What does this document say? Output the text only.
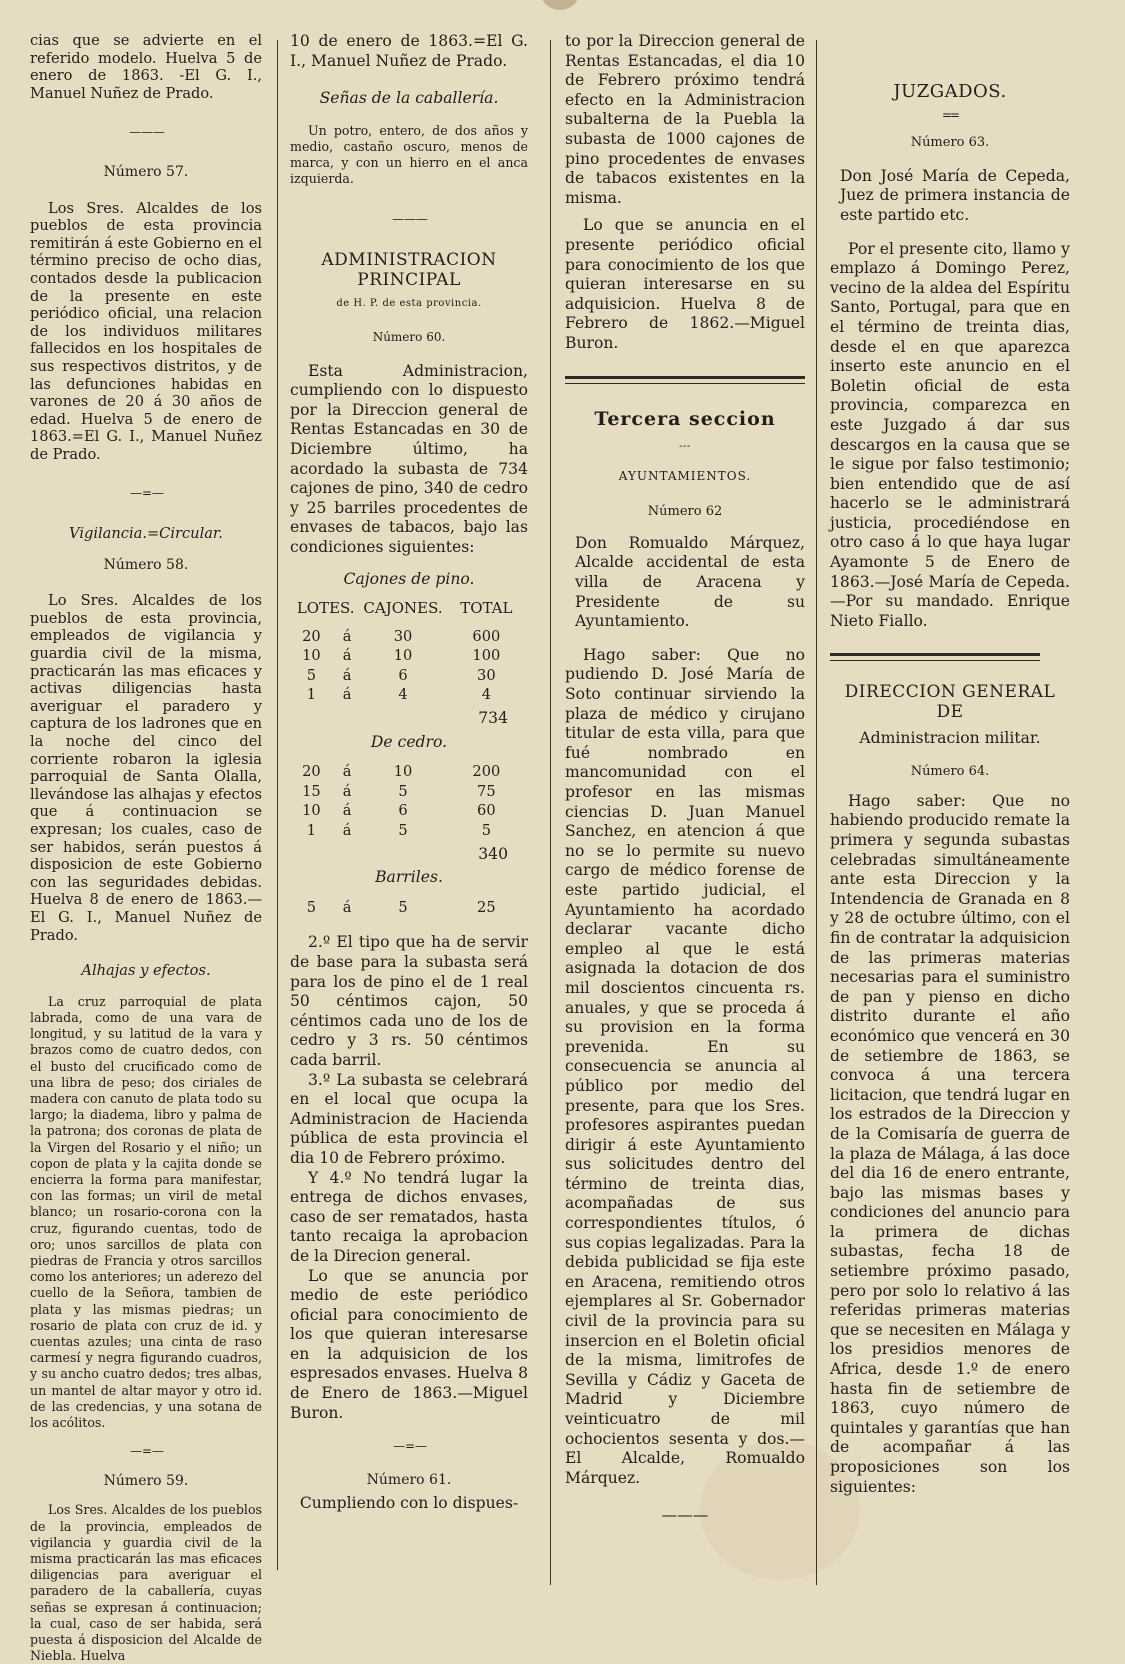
cias que se advierte en el referido modelo. Huelva 5 de enero de 1863. -El G. I., Manuel Nuñez de Prado.

— — —
Número 57.

Los Sres. Alcaldes de los pueblos de esta provincia remitirán á este Gobierno en el término preciso de ocho dias, contados desde la publicacion de la presente en este periódico oficial, una relacion de los individuos militares fallecidos en los hospitales de sus respectivos distritos, y de las defunciones habidas en varones de 20 á 30 años de edad. Huelva 5 de enero de 1863.=El G. I., Manuel Nuñez de Prado.

— = —
Vigilancia.=Circular.
Número 58.

Lo Sres. Alcaldes de los pueblos de esta provincia, empleados de vigilancia y guardia civil de la misma, practicarán las mas eficaces y activas diligencias hasta averiguar el paradero y captura de los ladrones que en la noche del cinco del corriente robaron la iglesia parroquial de Santa Olalla, llevándose las alhajas y efectos que á continuacion se expresan; los cuales, caso de ser habidos, serán puestos á disposicion de este Gobierno con las seguridades debidas. Huelva 8 de enero de 1863.—El G. I., Manuel Nuñez de Prado.

Alhajas y efectos.

La cruz parroquial de plata labrada, como de una vara de longitud, y su latitud de la vara y brazos como de cuatro dedos, con el busto del crucificado como de una libra de peso; dos ciriales de madera con canuto de plata todo su largo; la diadema, libro y palma de la patrona; dos coronas de plata de la Virgen del Rosario y el niño; un copon de plata y la cajita donde se encierra la forma para manifestar, con las formas; un viril de metal blanco; un rosario-corona con la cruz, figurando cuentas, todo de oro; unos sarcillos de plata con piedras de Francia y otros sarcillos como los anteriores; un aderezo del cuello de la Señora, tambien de plata y las mismas piedras; un rosario de plata con cruz de id. y cuentas azules; una cinta de raso carmesí y negra figurando cuadros, y su ancho cuatro dedos; tres albas, un mantel de altar mayor y otro id. de las credencias, y una sotana de los acólitos.

— = —
Número 59.

Los Sres. Alcaldes de los pueblos de la provincia, empleados de vigilancia y guardia civil de la misma practicarán las mas eficaces diligencias para averiguar el paradero de la caballería, cuyas señas se expresan á continuacion; la cual, caso de ser habida, será puesta á disposicion del Alcalde de Niebla. Huelva

10 de enero de 1863.=El G. I., Manuel Nuñez de Prado.

Señas de la caballería.

Un potro, entero, de dos años y medio, castaño oscuro, menos de marca, y con un hierro en el anca izquierda.

— — —
ADMINISTRACION PRINCIPAL
de H. P. de esta provincia.
Número 60.

Esta Administracion, cumpliendo con lo dispuesto por la Direccion general de Rentas Estancadas en 30 de Diciembre último, ha acordado la subasta de 734 cajones de pino, 340 de cedro y 25 barriles procedentes de envases de tabacos, bajo las condiciones siguientes:

Cajones de pino.
LOTES.		CAJONES.	TOTAL
20	á	30	600
10	á	10	100
5	á	6	30
1	á	4	4
734
De cedro.
20	á	10	200
15	á	5	75
10	á	6	60
1	á	5	5
340
Barriles.
5	á	5	25

2.º El tipo que ha de servir de base para la subasta será para los de pino el de 1 real 50 céntimos cajon, 50 céntimos cada uno de los de cedro y 3 rs. 50 céntimos cada barril.

3.º La subasta se celebrará en el local que ocupa la Administracion de Hacienda pública de esta provincia el dia 10 de Febrero próximo.

Y 4.º No tendrá lugar la entrega de dichos envases, caso de ser rematados, hasta tanto recaiga la aprobacion de la Direcion general.

Lo que se anuncia por medio de este periódico oficial para conocimiento de los que quieran interesarse en la adquisicion de los espresados envases. Huelva 8 de Enero de 1863.—Miguel Buron.

— = —
Número 61.

Cumpliendo con lo dispues-

to por la Direccion general de Rentas Estancadas, el dia 10 de Febrero próximo tendrá efecto en la Administracion subalterna de la Puebla la subasta de 1000 cajones de pino procedentes de envases de tabacos existentes en la misma.

Lo que se anuncia en el presente periódico oficial para conocimiento de los que quieran interesarse en su adquisicion. Huelva 8 de Febrero de 1862.—Miguel Buron.

Tercera seccion
---
AYUNTAMIENTOS.
Número 62

Don Romualdo Márquez, Alcalde accidental de esta villa de Aracena y Presidente de su Ayuntamiento.

Hago saber: Que no pudiendo D. José María de Soto continuar sirviendo la plaza de médico y cirujano titular de esta villa, para que fué nombrado en mancomunidad con el profesor en las mismas ciencias D. Juan Manuel Sanchez, en atencion á que no se lo permite su nuevo cargo de médico forense de este partido judicial, el Ayuntamiento ha acordado declarar vacante dicho empleo al que le está asignada la dotacion de dos mil doscientos cincuenta rs. anuales, y que se proceda á su provision en la forma prevenida. En su consecuencia se anuncia al público por medio del presente, para que los Sres. profesores aspirantes puedan dirigir á este Ayuntamiento sus solicitudes dentro del término de treinta dias, acompañadas de sus correspondientes títulos, ó sus copias legalizadas. Para la debida publicidad se fija este en Aracena, remitiendo otros ejemplares al Sr. Gobernador civil de la provincia para su insercion en el Boletin oficial de la misma, limitrofes de Sevilla y Cádiz y Gaceta de Madrid y Diciembre veinticuatro de mil ochocientos sesenta y dos.—El Alcalde, Romualdo Márquez.

———
JUZGADOS.
==
Número 63.

Don José María de Cepeda, Juez de primera instancia de este partido etc.

Por el presente cito, llamo y emplazo á Domingo Perez, vecino de la aldea del Espíritu Santo, Portugal, para que en el término de treinta dias, desde el en que aparezca inserto este anuncio en el Boletin oficial de esta provincia, comparezca en este Juzgado á dar sus descargos en la causa que se le sigue por falso testimonio; bien entendido que de así hacerlo se le administrará justicia, procediéndose en otro caso á lo que haya lugar Ayamonte 5 de Enero de 1863.—José María de Cepeda.—Por su mandado. Enrique Nieto Fiallo.

DIRECCION GENERAL DE
Administracion militar.
Número 64.

Hago saber: Que no habiendo producido remate la primera y segunda subastas celebradas simultáneamente ante esta Direccion y la Intendencia de Granada en 8 y 28 de octubre último, con el fin de contratar la adquisicion de las primeras materias necesarias para el suministro de pan y pienso en dicho distrito durante el año económico que vencerá en 30 de setiembre de 1863, se convoca á una tercera licitacion, que tendrá lugar en los estrados de la Direccion y de la Comisaría de guerra de la plaza de Málaga, á las doce del dia 16 de enero entrante, bajo las mismas bases y condiciones del anuncio para la primera de dichas subastas, fecha 18 de setiembre próximo pasado, pero por solo lo relativo á las referidas primeras materias que se necesiten en Málaga y los presidios menores de Africa, desde 1.º de enero hasta fin de setiembre de 1863, cuyo número de quintales y garantías que han de acompañar á las proposiciones son los siguientes:
